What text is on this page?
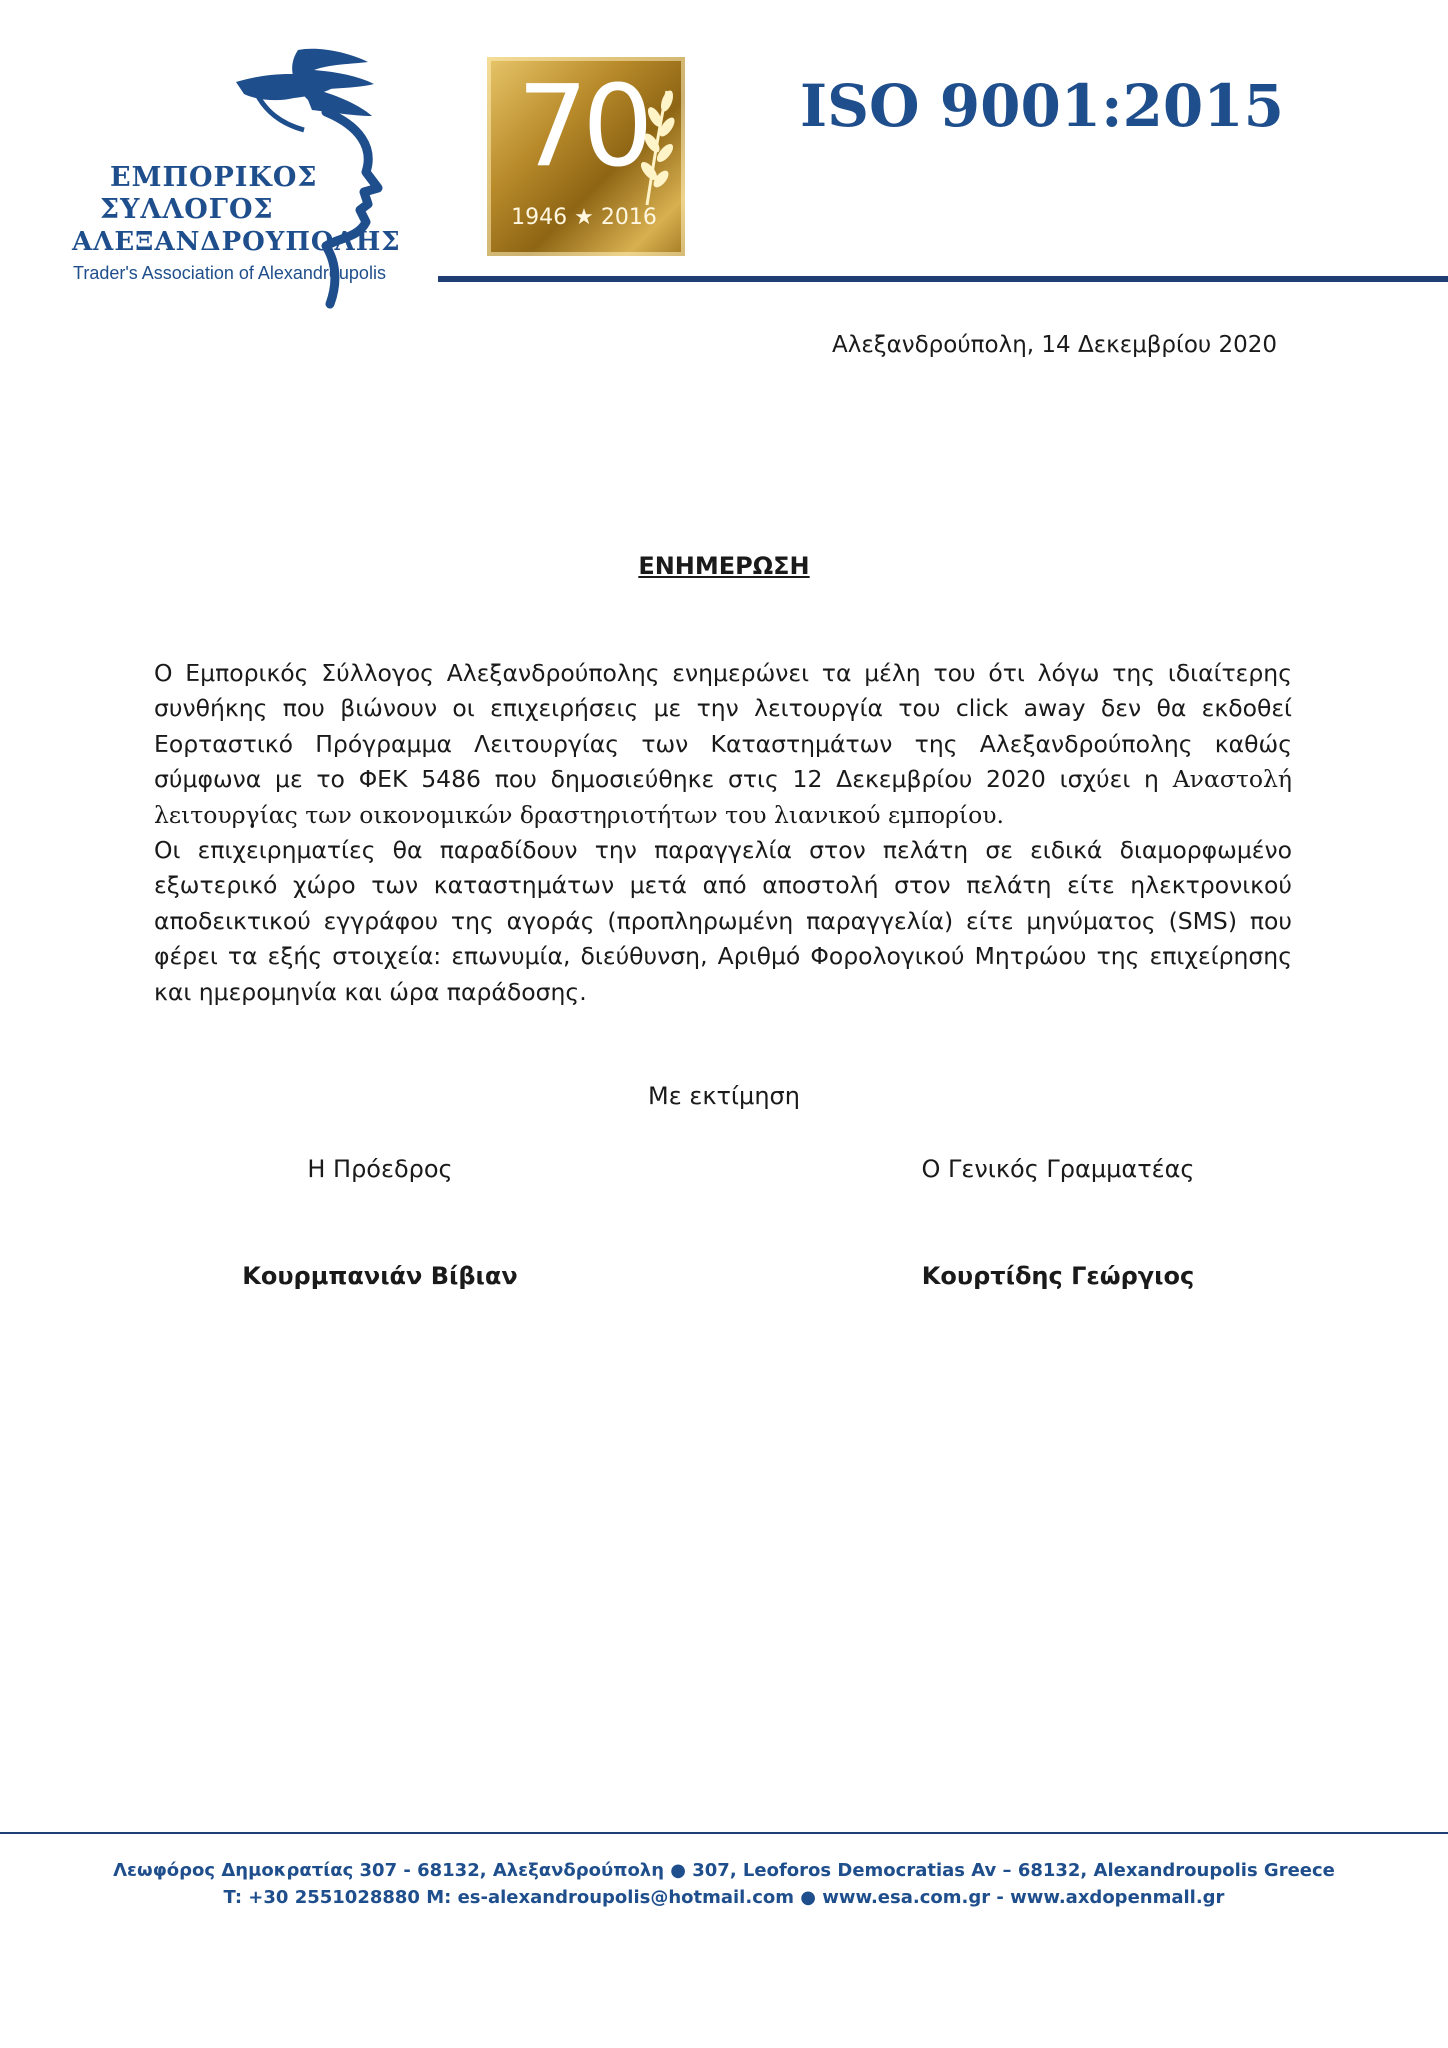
ΕΜΠΟΡΙΚΟΣ
ΣΥΛΛΟΓΟΣ
ΑΛΕΞΑΝΔΡΟΥΠΟΛΗΣ
Trader's Association of Alexandroupolis
70
1946 ★ 2016
ISO 9001:2015
Αλεξανδρούπολη, 14 Δεκεμβρίου 2020
ΕΝΗΜΕΡΩΣΗ

Ο Εμπορικός Σύλλογος Αλεξανδρούπολης ενημερώνει τα μέλη του ότι λόγω της ιδιαίτερης συνθήκης που βιώνουν οι επιχειρήσεις με την λειτουργία του click away δεν θα εκδοθεί Εορταστικό Πρόγραμμα Λειτουργίας των Καταστημάτων της Αλεξανδρούπολης καθώς σύμφωνα με το ΦΕΚ 5486 που δημοσιεύθηκε στις 12 Δεκεμβρίου 2020 ισχύει η Αναστολή λειτουργίας των οικονομικών δραστηριοτήτων του λιανικού εμπορίου.

Οι επιχειρηματίες θα παραδίδουν την παραγγελία στον πελάτη σε ειδικά διαμορφωμένο εξωτερικό χώρο των καταστημάτων μετά από αποστολή στον πελάτη είτε ηλεκτρονικού αποδεικτικού εγγράφου της αγοράς (προπληρωμένη παραγγελία) είτε μηνύματος (SMS) που φέρει τα εξής στοιχεία: επωνυμία, διεύθυνση, Αριθμό Φορολογικού Μητρώου της επιχείρησης και ημερομηνία και ώρα παράδοσης.

Με εκτίμηση
Η Πρόεδρος	Ο Γενικός Γραμματέας
Κουρμπανιάν Βίβιαν	Κουρτίδης Γεώργιος
Λεωφόρος Δημοκρατίας 307 - 68132, Αλεξανδρούπολη ● 307, Leoforos Democratias Av – 68132, Alexandroupolis Greece
T: +30 2551028880 M: es-alexandroupolis@hotmail.com ● www.esa.com.gr - www.axdopenmall.gr
